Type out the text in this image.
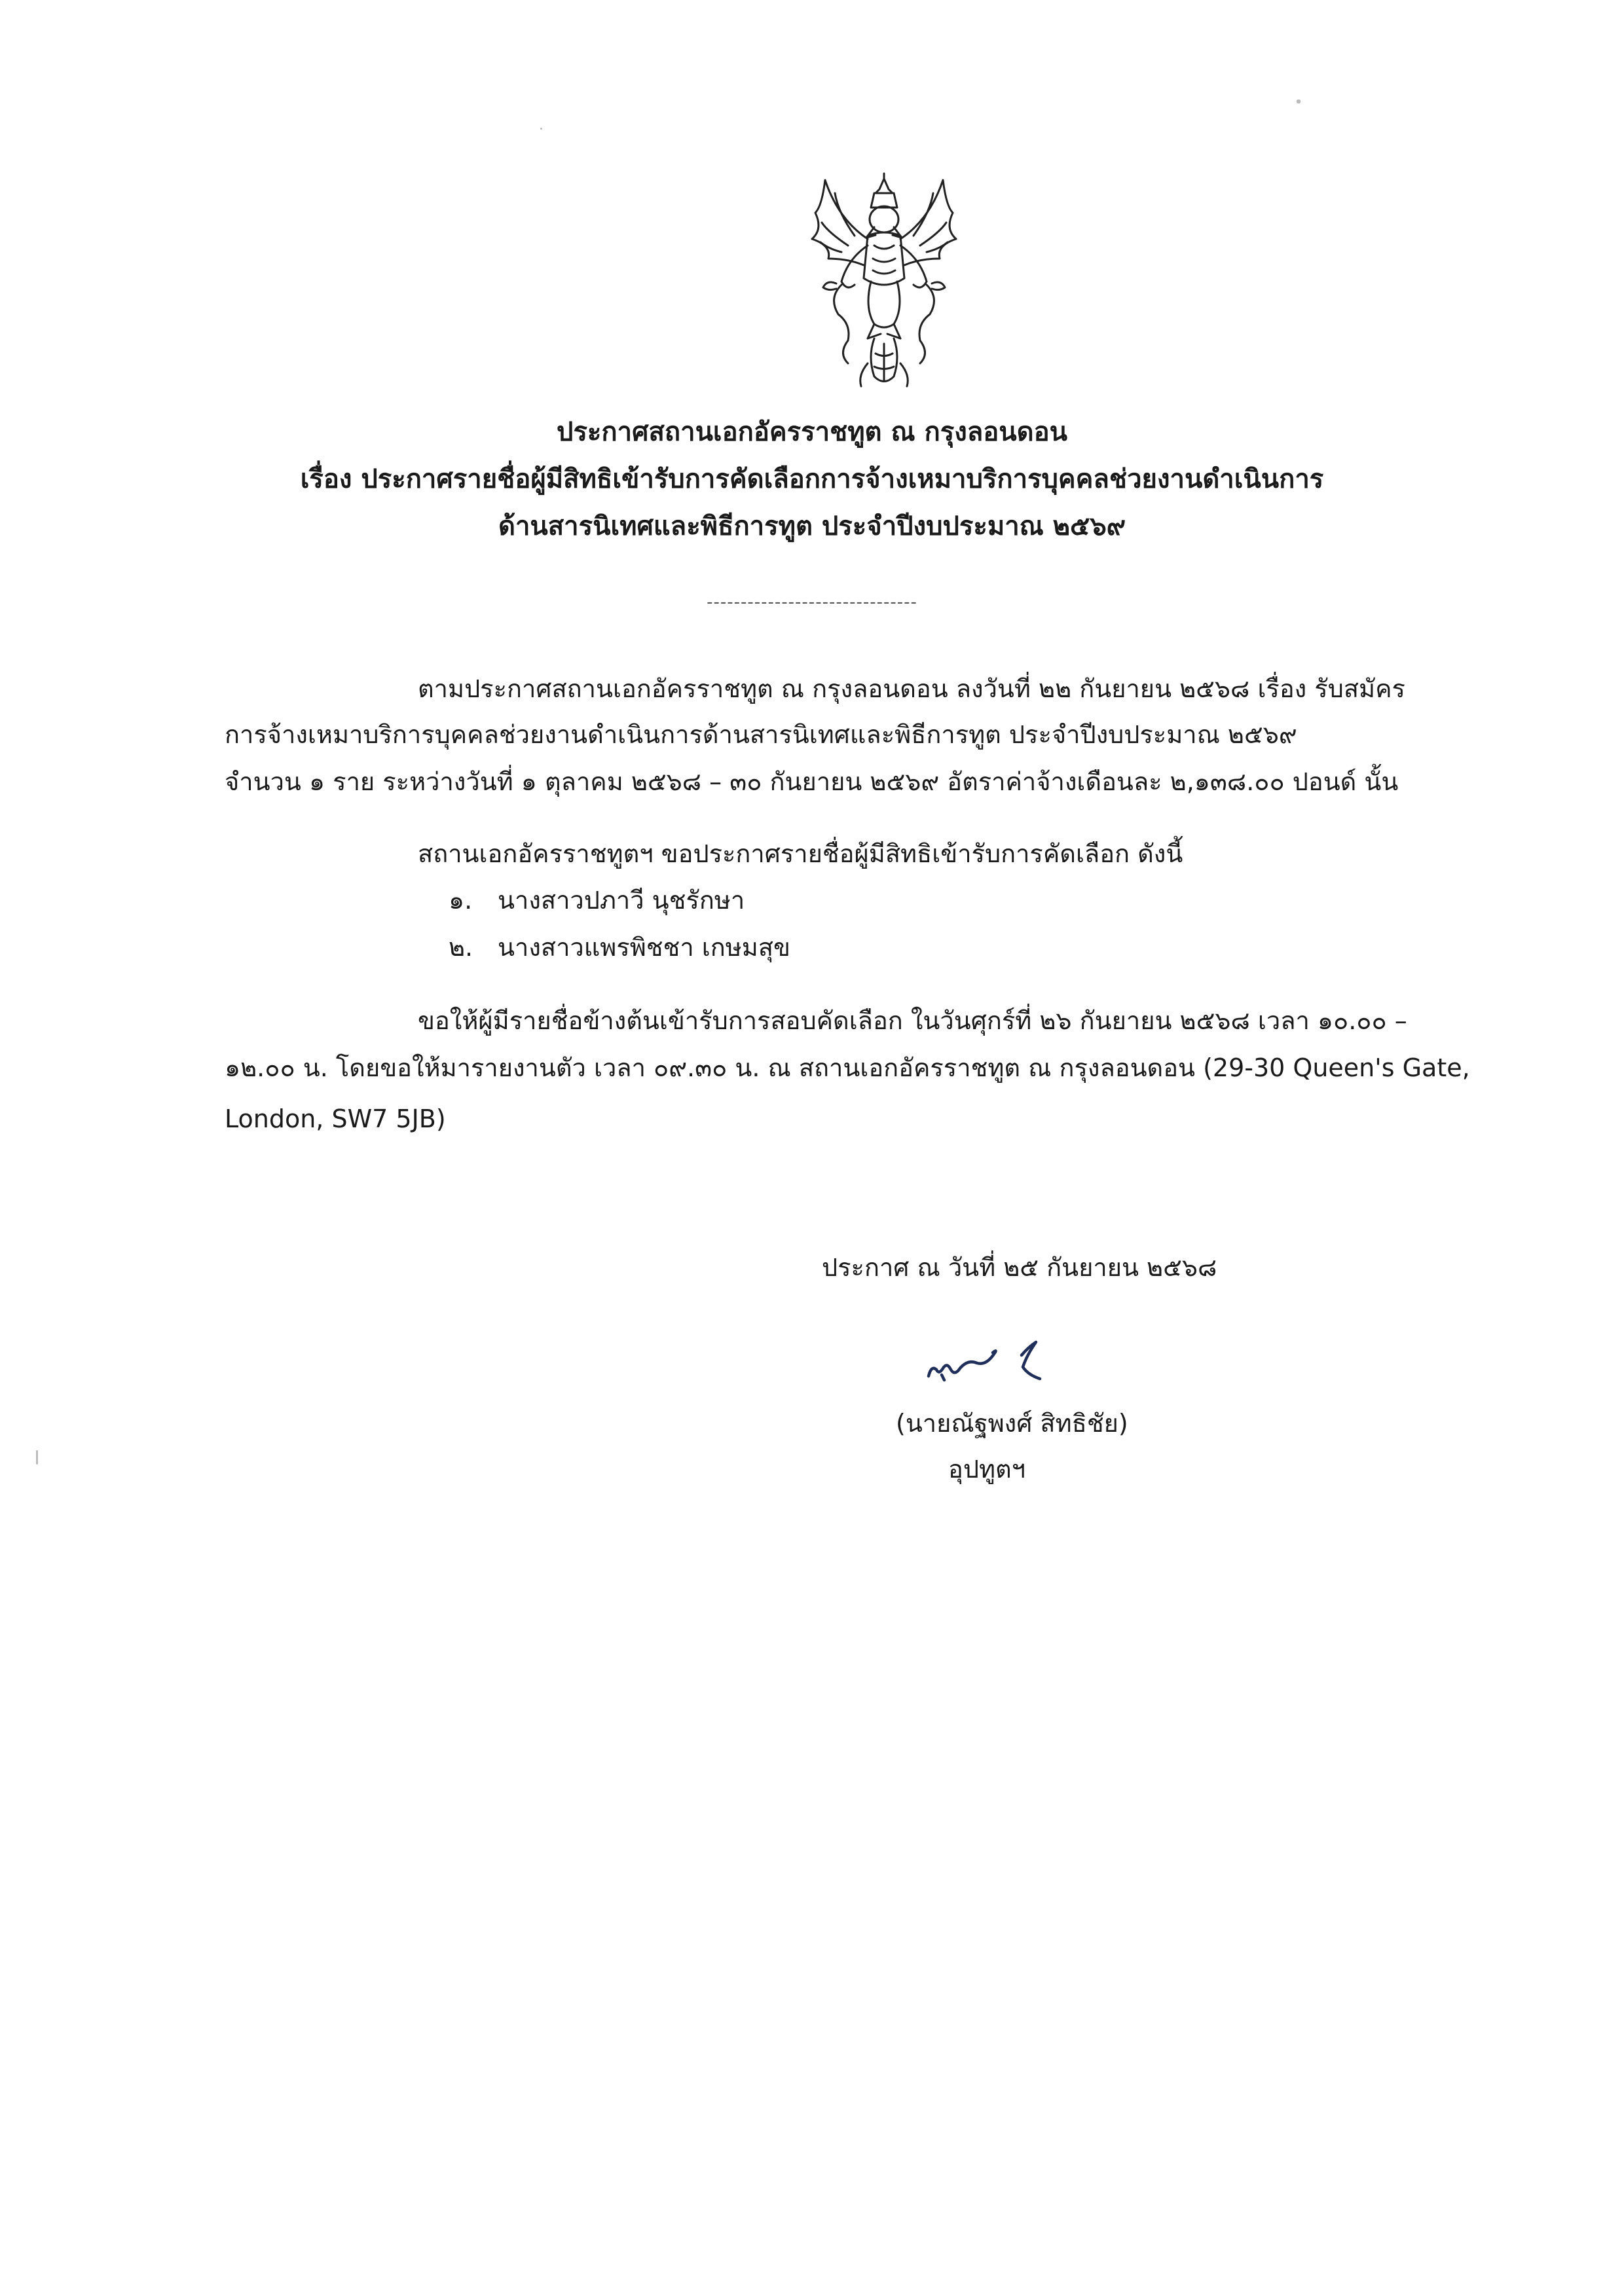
ประกาศสถานเอกอัครราชทูต ณ กรุงลอนดอน
เรื่อง ประกาศรายชื่อผู้มีสิทธิเข้ารับการคัดเลือกการจ้างเหมาบริการบุคคลช่วยงานดำเนินการ
ด้านสารนิเทศและพิธีการทูต ประจำปีงบประมาณ ๒๕๖๙
-------------------------------
ตามประกาศสถานเอกอัครราชทูต ณ กรุงลอนดอน ลงวันที่ ๒๒ กันยายน ๒๕๖๘ เรื่อง รับสมัคร
การจ้างเหมาบริการบุคคลช่วยงานดำเนินการด้านสารนิเทศและพิธีการทูต ประจำปีงบประมาณ ๒๕๖๙
จำนวน ๑ ราย ระหว่างวันที่ ๑ ตุลาคม ๒๕๖๘ – ๓๐ กันยายน ๒๕๖๙ อัตราค่าจ้างเดือนละ ๒,๑๓๘.๐๐ ปอนด์ นั้น
สถานเอกอัครราชทูตฯ ขอประกาศรายชื่อผู้มีสิทธิเข้ารับการคัดเลือก ดังนี้
๑. นางสาวปภาวี นุชรักษา
๒. นางสาวแพรพิชชา เกษมสุข
ขอให้ผู้มีรายชื่อข้างต้นเข้ารับการสอบคัดเลือก ในวันศุกร์ที่ ๒๖ กันยายน ๒๕๖๘ เวลา ๑๐.๐๐ –
๑๒.๐๐ น. โดยขอให้มารายงานตัว เวลา ๐๙.๓๐ น. ณ สถานเอกอัครราชทูต ณ กรุงลอนดอน (29-30 Queen's Gate,
London, SW7 5JB)
ประกาศ ณ วันที่ ๒๕ กันยายน ๒๕๖๘
(นายณัฐพงศ์ สิทธิชัย)
อุปทูตฯ
